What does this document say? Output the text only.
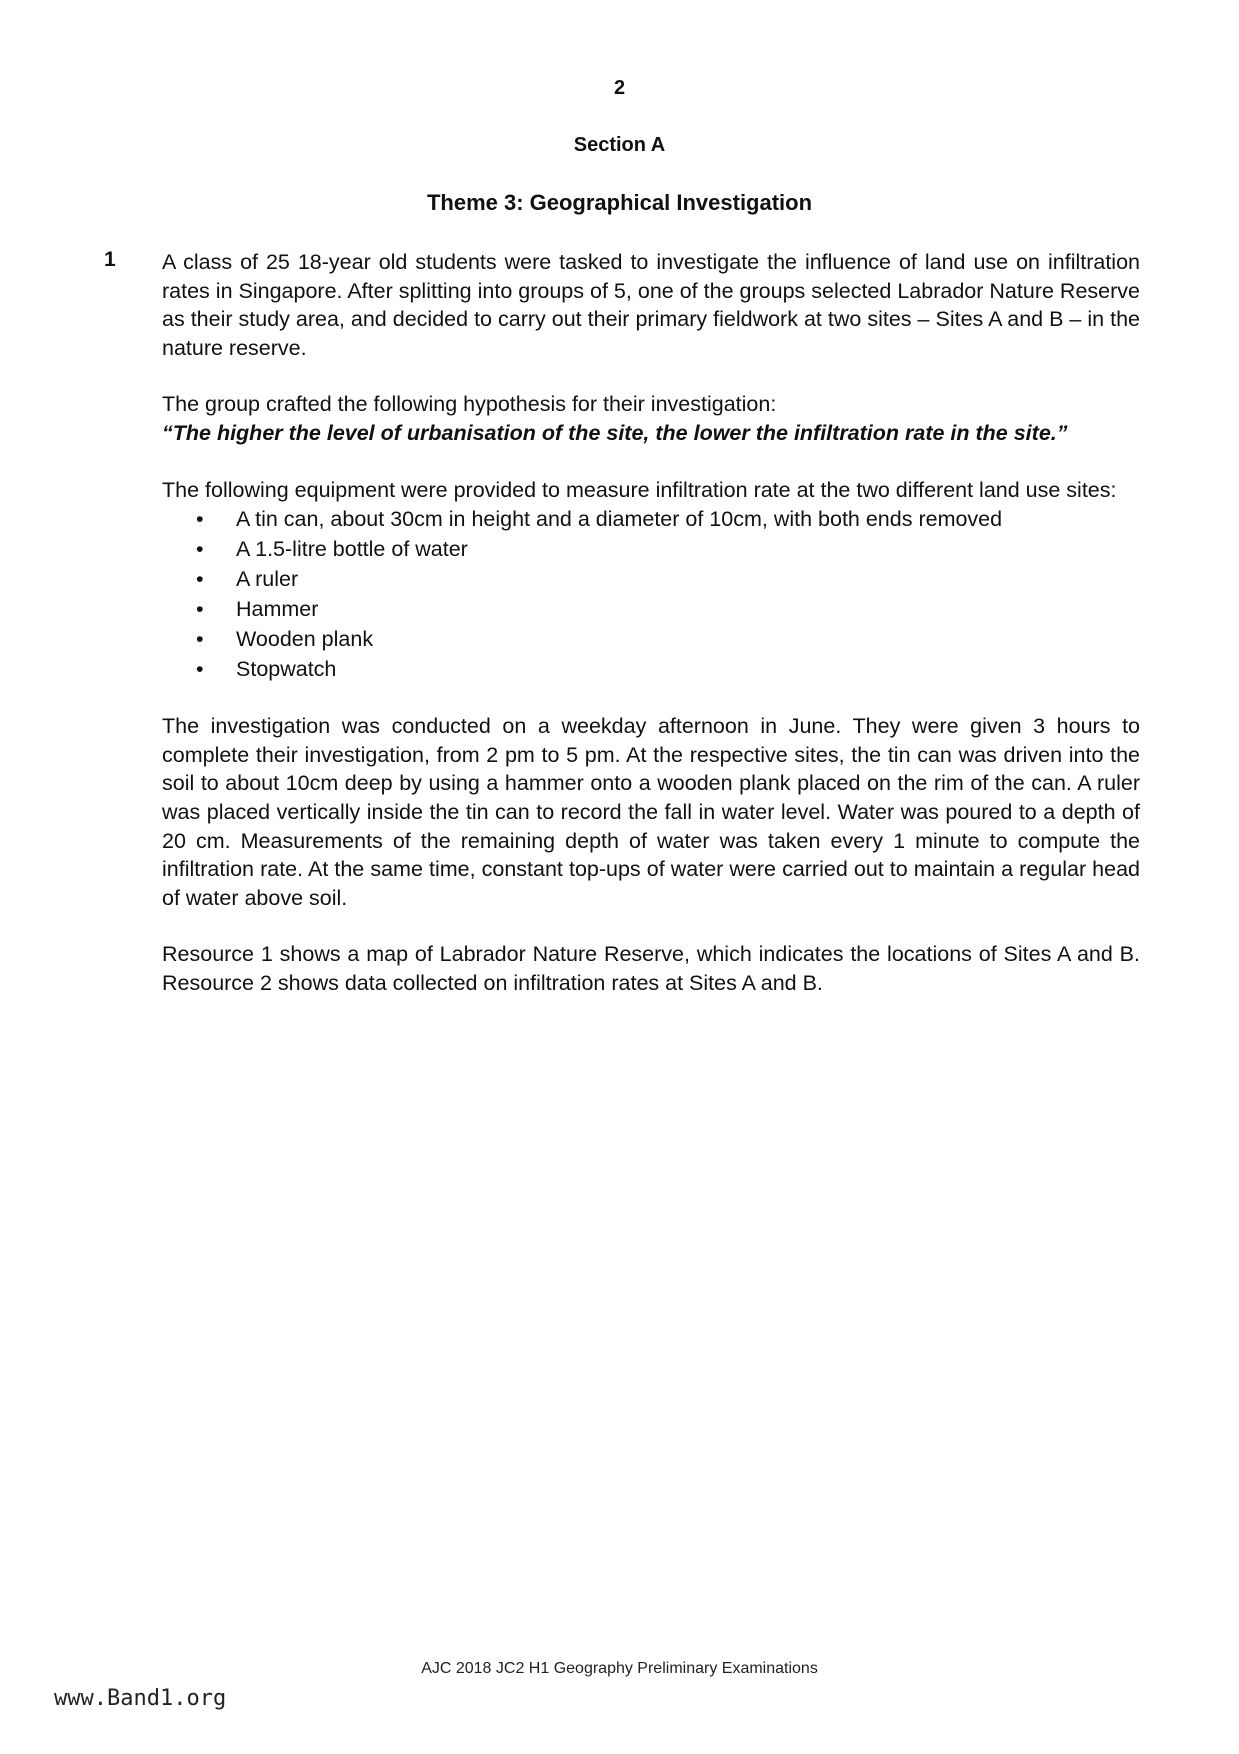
2
Section A
Theme 3: Geographical Investigation
1 A class of 25 18-year old students were tasked to investigate the influence of land use on infiltration rates in Singapore. After splitting into groups of 5, one of the groups selected Labrador Nature Reserve as their study area, and decided to carry out their primary fieldwork at two sites – Sites A and B – in the nature reserve.

The group crafted the following hypothesis for their investigation:
“The higher the level of urbanisation of the site, the lower the infiltration rate in the site.”
The following equipment were provided to measure infiltration rate at the two different land use sites:
• A tin can, about 30cm in height and a diameter of 10cm, with both ends removed
• A 1.5-litre bottle of water
• A ruler
• Hammer
• Wooden plank
• Stopwatch

The investigation was conducted on a weekday afternoon in June. They were given 3 hours to complete their investigation, from 2 pm to 5 pm. At the respective sites, the tin can was driven into the soil to about 10cm deep by using a hammer onto a wooden plank placed on the rim of the can. A ruler was placed vertically inside the tin can to record the fall in water level. Water was poured to a depth of 20 cm. Measurements of the remaining depth of water was taken every 1 minute to compute the infiltration rate. At the same time, constant top-ups of water were carried out to maintain a regular head of water above soil.

Resource 1 shows a map of Labrador Nature Reserve, which indicates the locations of Sites A and B. Resource 2 shows data collected on infiltration rates at Sites A and B.

AJC 2018 JC2 H1 Geography Preliminary Examinations
www.Band1.org
